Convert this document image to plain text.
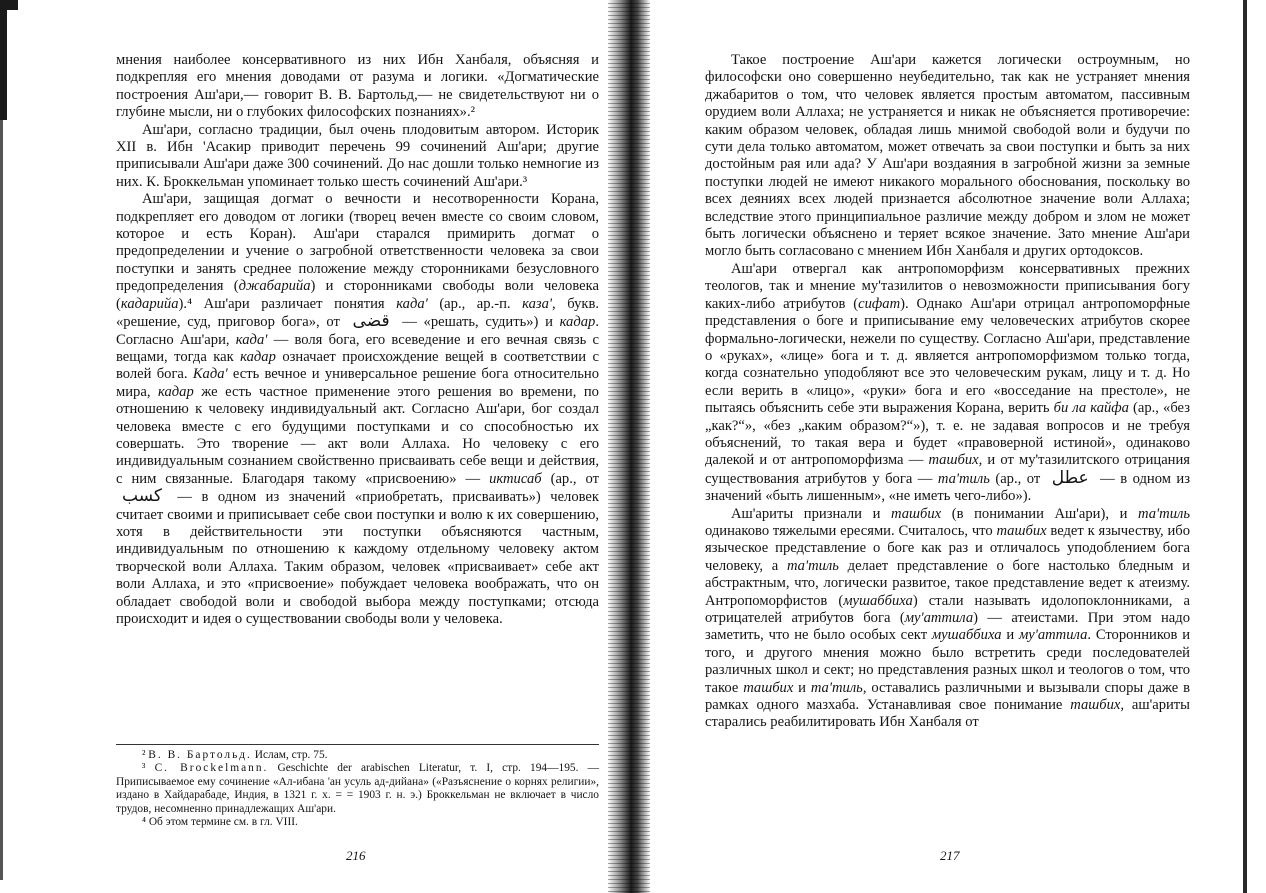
мнения наиболее консервативного из них Ибн Ханбаля, объясняя и подкрепляя его мнения доводами от разума и логики. «Догматические построения Аш'ари,— говорит В. В. Бартольд,— не свидетельствуют ни о глубине мысли, ни о глубоких философских познаниях».²

Аш'ари, согласно традиции, был очень плодовитым автором. Историк XII в. Ибн 'Асакир приводит перечень 99 сочинений Аш'ари; другие приписывали Аш'ари даже 300 сочинений. До нас дошли только немногие из них. К. Броккельман упоминает только шесть сочинений Аш'ари.³

Аш'ари, защищая догмат о вечности и несотворенности Корана, подкрепляет его доводом от логики (творец вечен вместе со своим словом, которое и есть Коран). Аш'ари старался примирить догмат о предопределении и учение о загробной ответственности человека за свои поступки и занять среднее положение между сторонниками безусловного предопределения (джабарийа) и сторонниками свободы воли человека (кадарийа).⁴ Аш'ари различает понятия када' (ар., ар.-п. каза', букв. «решение, суд, приговор бога», от قضى — «решать, судить») и кадар. Согласно Аш'ари, када' — воля бога, его всеведение и его вечная связь с вещами, тогда как кадар означает происхождение вещей в соответствии с волей бога. Када' есть вечное и универсальное решение бога относительно мира, кадар же есть частное применение этого решения во времени, по отношению к человеку индивидуальный акт. Согласно Аш'ари, бог создал человека вместе с его будущими поступками и со способностью их совершать. Это творение — акт воли Аллаха. Но человеку с его индивидуальным сознанием свойственно присваивать себе вещи и действия, с ним связанные. Благодаря такому «присвоению» — иктисаб (ар., от كسب — в одном из значений «приобретать, присваивать») человек считает своими и приписывает себе свои поступки и волю к их совершению, хотя в действительности эти поступки объясняются частным, индивидуальным по отношению к каждому отдельному человеку актом творческой воли Аллаха. Таким образом, человек «присваивает» себе акт воли Аллаха, и это «присвоение» побуждает человека воображать, что он обладает свободой воли и свободой выбора между поступками; отсюда происходит и идея о существовании свободы воли у человека.

² В. В. Бартольд. Ислам, стр. 75.

³ C. Brockelmann. Geschichte der arabischen Literatur, т. I, стр. 194—195. — Приписываемое ему сочинение «Ал-ибана 'ан усуль ад-дийана» («Разъяснение о корнях религии», издано в Хайдарабаде, Индия, в 1321 г. х. = = 1903 г. н. э.) Броккельман не включает в число трудов, несомненно принадлежащих Аш'ари.

⁴ Об этом термине см. в гл. VIII.

216

Такое построение Аш'ари кажется логически остроумным, но философски оно совершенно неубедительно, так как не устраняет мнения джабаритов о том, что человек является простым автоматом, пассивным орудием воли Аллаха; не устраняется и никак не объясняется противоречие: каким образом человек, обладая лишь мнимой свободой воли и будучи по сути дела только автоматом, может отвечать за свои поступки и быть за них достойным рая или ада? У Аш'ари воздаяния в загробной жизни за земные поступки людей не имеют никакого морального обоснования, поскольку во всех деяниях всех людей признается абсолютное значение воли Аллаха; вследствие этого принципиальное различие между добром и злом не может быть логически объяснено и теряет всякое значение. Зато мнение Аш'ари могло быть согласовано с мнением Ибн Ханбаля и других ортодоксов.

Аш'ари отвергал как антропоморфизм консервативных прежних теологов, так и мнение му'тазилитов о невозможности приписывания богу каких-либо атрибутов (сифат). Однако Аш'ари отрицал антропоморфные представления о боге и приписывание ему человеческих атрибутов скорее формально-логически, нежели по существу. Согласно Аш'ари, представление о «руках», «лице» бога и т. д. является антропоморфизмом только тогда, когда сознательно уподобляют все это человеческим рукам, лицу и т. д. Но если верить в «лицо», «руки» бога и его «восседание на престоле», не пытаясь объяснить себе эти выражения Корана, верить би ла кайфа (ар., «без „как?“», «без „каким образом?“»), т. е. не задавая вопросов и не требуя объяснений, то такая вера и будет «правоверной истиной», одинаково далекой и от антропоморфизма — ташбих, и от му'тазилитского отрицания существования атрибутов у бога — та'тиль (ар., от عطل — в одном из значений «быть лишенным», «не иметь чего-либо»).

Аш'ариты признали и ташбих (в понимании Аш'ари), и та'тиль одинаково тяжелыми ересями. Считалось, что ташбих ведет к язычеству, ибо языческое представление о боге как раз и отличалось уподоблением бога человеку, а та'тиль делает представление о боге настолько бледным и абстрактным, что, логически развитое, такое представление ведет к атеизму. Антропоморфистов (мушаббиха) стали называть идолопоклонниками, а отрицателей атрибутов бога (му'аттила) — атеистами. При этом надо заметить, что не было особых сект мушаббиха и му'аттила. Сторонников и того, и другого мнения можно было встретить среди последователей различных школ и сект; но представления разных школ и теологов о том, что такое ташбих и та'тиль, оставались различными и вызывали споры даже в рамках одного мазхаба. Устанавливая свое понимание ташбих, аш'ариты старались реабилитировать Ибн Ханбаля от

217
